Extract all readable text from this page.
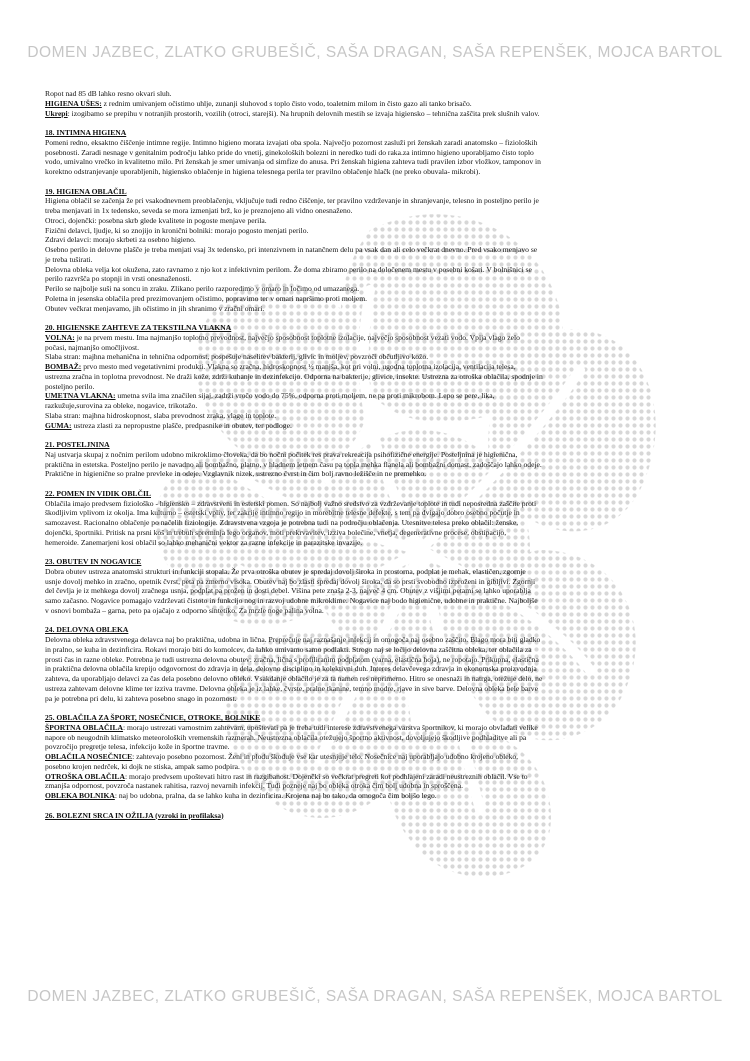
DOMEN JAZBEC, ZLATKO GRUBEŠIČ, SAŠA DRAGAN, SAŠA REPENŠEK, MOJCA BARTOL

Ropot nad 85 dB lahko resno okvari sluh.

HIGIENA UŠES: z rednim umivanjem očistimo uhlje, zunanji sluhovod s toplo čisto vodo, toaletnim milom in čisto gazo ali tanko brisačo.

Ukrepi: izogibamo se prepihu v notranjih prostorih, vozilih (otroci, starejši). Na hrupnih delovnih mestih se izvaja higiensko – tehnična zaščita prek slušnih valov.

18. INTIMNA HIGIENA

Pomeni redno, eksaktno čiščenje intimne regije. Intimno higieno morata izvajati oba spola. Največjo pozornost zasluži pri ženskah zaradi anatomsko – fizioloških

posebnosti. Zaradi nesnage v genitalnim področju lahko pride do vnetij, ginekoloških bolezni in neredko tudi do raka.za intimno higieno uporabljamo čisto toplo

vodo, umivalno vrečko in kvalitetno milo. Pri ženskah je smer umivanja od simfize do anusa. Pri ženskah higiena zahteva tudi pravilen izbor vložkov, tamponov in

korektno odstranjevanje uporabljenih, higiensko oblačenje in higiena telesnega perila ter pravilno oblačenje hlačk (ne preko obuvala- mikrobi).

19. HIGIENA OBLAČIL

Higiena oblačil se začenja že pri vsakodnevnem preoblačenju, vključuje tudi redno čiščenje, ter pravilno vzdrževanje in shranjevanje, telesno in posteljno perilo je

treba menjavati in 1x tedensko, seveda se mora izmenjati brž, ko je preznojeno ali vidno onesnaženo.

Otroci, dojenčki: posebna skrb glede kvalitete in pogoste menjave perila.

Fizični delavci, ljudje, ki so znojijo in kronični bolniki: morajo pogosto menjati perilo.

Zdravi delavci: morajo skrbeti za osebno higieno.

Osebno perilo in delovne plašče je treba menjati vsaj 3x tedensko, pri intenzivnem in natančnem delu pa vsak dan ali celo večkrat dnevno. Pred vsako menjavo se

je treba tuširati.

Delovna obleka velja kot okužena, zato ravnamo z njo kot z infektivnim perilom. Že doma zbiramo perilo na določenem mestu v posebni košari. V bolnišnici se

perilo razvršča po stopnji in vrsti onesnaženosti.

Perilo se najbolje suši na soncu in zraku. Zlikano perilo razporedimo v omaro in ločimo od umazanega.

Poletna in jesenska oblačila pred prezimovanjem očistimo, popravimo ter v omari napršimo proti moljem.

Obutev večkrat menjavamo, jih očistimo in jih shranimo v zračni omari.

20. HIGIENSKE ZAHTEVE ZA TEKSTILNA VLAKNA

VOLNA: je na prvem mestu. Ima najmanjšo toplotno prevodnost, največjo sposobnost toplotne izolacije, največjo sposobnost vezati vodo. Vpija vlago zelo

počasi, najmanjšo omočljivost.

Slaba stran: majhna mehanična in tehnična odpornost, pospešuje naselitev bakterij, glivic in moljev, povzroči občutljivo kožo.

BOMBAŽ: prvo mesto med vegetativnimi produkti. Vlakna so zračna, hidroskopnost ½ manjša, kot pri volni, ugodna toplotna izolacija, ventilacija telesa,

ustrezna zračna in toplotna prevodnost. Ne draži kože, zdrži kuhanje in dezinfekcijo. Odporna na bakterije, glivice, insekte. Ustrezna za otroška oblačila, spodnje in

posteljno perilo.

UMETNA VLAKNA: umetna svila ima značilen sijaj, zadrži vročo vodo do 75%, odporna proti moljem, ne pa proti mikrobom. Lepo se pere, lika,

razkužuje,surovina za obleke, nogavice, trikotažo.

Slaba stran: majhna hidroskopnost, slaba prevodnost zraka, vlage in toplote.

GUMA: ustreza zlasti za nepropustne plašče, predpasnike in obutev, ter podloge.

21. POSTELJNINA

Naj ustvarja skupaj z nočnim perilom udobno mikroklimo človeka, da bo nočni počitek res prava rekreacija psihofizične energije. Posteljnina je higienična,

praktična in estetska. Posteljno perilo je navadno ali bombažno, platno, v hladnem letnem času pa topla mehka flanela ali bombažni domast, zadoščajo lahko odeje.

Praktične in higienične so pralne prevleke in odeje. Vzglavnik nizek, ustrezno čvrst in čim bolj ravno ležišče in ne premehko.

22. POMEN IN VIDIK OBLČIL

Oblačila imajo predvsem fiziološko - higiensko – zdravstveni in estetski pomen. So najbolj važno sredstvo za vzdrževanje toplote in tudi neposredna zaščite proti

škodljivim vplivom iz okolja. Ima kulturno – estetski vpliv, ter zakrije intimno regijo in morebitne telesne defekte, s tem pa dvigajo dobro osebno počutje in

samozavest. Racionalno oblačenje po načelih fiziologije. Zdravstvena vzgoja je potrebna tudi na področju oblačenja. Utesnitve telesa preko oblačil: ženske,

dojenčki, športniki. Pritisk na prsni koš in trebuh spreminja lego organov, moti prekrvavitev, izziva bolečine, vnetja, degenerativne procese, obstipacijo,

hemeroide. Zanemarjeni kosi oblačil so lahko mehanični vektor za razne infekcije in parazitske invazije.

23. OBUTEV IN NOGAVICE

Dobra obutev ustreza anatomski strukturi in funkciji stopala. Že prva otroška obutev je spredaj dovolj široka in prostorna, podplat je mehak, elastičen, zgornje

usnje dovolj mehko in zračno, opetnik čvrst, peta pa zmerno visoka. Obutev naj bo zlasti spredaj dovolj široka, da so prsti svobodno izproženi in gibljivi. Zgornji

del čevlja je iz mehkega dovolj zračnega usnja, podplat pa prožen in dosti debel. Višina pete znaša 2-3, največ 4 cm. Obutev z višjimi petami se lahko uporablja

samo začasno. Nogavice pomagajo vzdrževati čistoto in funkcijo nog in razvoj udobne mikroklime. Nogavice naj bodo higienične, udobne in praktične. Najboljše

v osnovi bombaža – garna, peto pa ojačajo z odporno sintetiko. Za mrzle noge palina volna.

24. DELOVNA OBLEKA

Delovna obleka zdravstvenega delavca naj bo praktična, udobna in lična. Preprečuje naj raznašanje infekcij in omogoča naj osebno zaščito. Blago mora biti gladko

in pralno, se kuha in dezinficira. Rokavi morajo biti do komolcev, da lahko umivamo samo podlakti. Strogo naj se ločijo delovna zaščitna obleka, ter oblačila za

prosti čas in razne obleke. Potrebna je tudi ustrezna delovna obutev: zračna, lična s profiliranim podplatom (varna, elastična hoja), ne ropotajo. Prikupna, elastična

in praktična delovna oblačila krepijo odgovornost do zdravja in dela, delovno disciplino in kolektivni duh. Interes delavčevega zdravja in ekonomska proizvodnja

zahteva, da uporabljajo delavci za čas dela posebno delovno obleko. Vsakdanje oblačilo je za ta namen res neprimerno. Hitro se onesnaži in natrga, otežuje delo, ne

ustreza zahtevam delovne klime ter izziva travme. Delovna obleka je iz lahke, čvrste, pralne tkanine, temno modre, rjave in sive barve. Delovna obleka bele barve

pa je potrebna pri delu, ki zahteva posebno snago in pozornost.

25. OBLAČILA ZA ŠPORT, NOSEČNICE, OTROKE, BOLNIKE

ŠPORTNA OBLAČILA: morajo ustrezati varnostnim zahtevam, upoštevati pa je treba tudi interese zdravstvenega varstva športnikov, ki morajo obvladati velike

napore ob neugodnih klimatsko meteoroloških vremenskih razmerah. Neustrezna oblačila otežujejo športno aktivnost, dovoljujejo škodljive podhladitve ali pa

povzročijo pregretje telesa, infekcijo kože in športne travme.

OBLAČILA NOSEČNICE: zahtevajo posebno pozornost. Ženi in plodu škoduje vse kar utesnjuje telo. Nosečnice naj uporabljajo udobno krojeno obleko,

posebno krojen nedrček, ki dojk ne stiska, ampak samo podpira.

OTROŠKA OBLAČILA: morajo predvsem upoštevati hitro rast in razgibanost. Dojenčki so večkrat pregreti kot podhlajeni zaradi neustreznih oblačil. Vse to

zmanjša odpornost, povzroča nastanek rahitisa, razvoj nevarnih infekcij. Tudi pozneje naj bo obleka otroka čim bolj udobna in sproščena.

OBLEKA BOLNIKA: naj bo udobna, pralna, da se lahko kuha in dezinficira. Krojena naj bo tako, da omogoča čim boljšo lego.

26. BOLEZNI SRCA IN OŽILJA (vzroki in profilaksa)

DOMEN JAZBEC, ZLATKO GRUBEŠIČ, SAŠA DRAGAN, SAŠA REPENŠEK, MOJCA BARTOL
